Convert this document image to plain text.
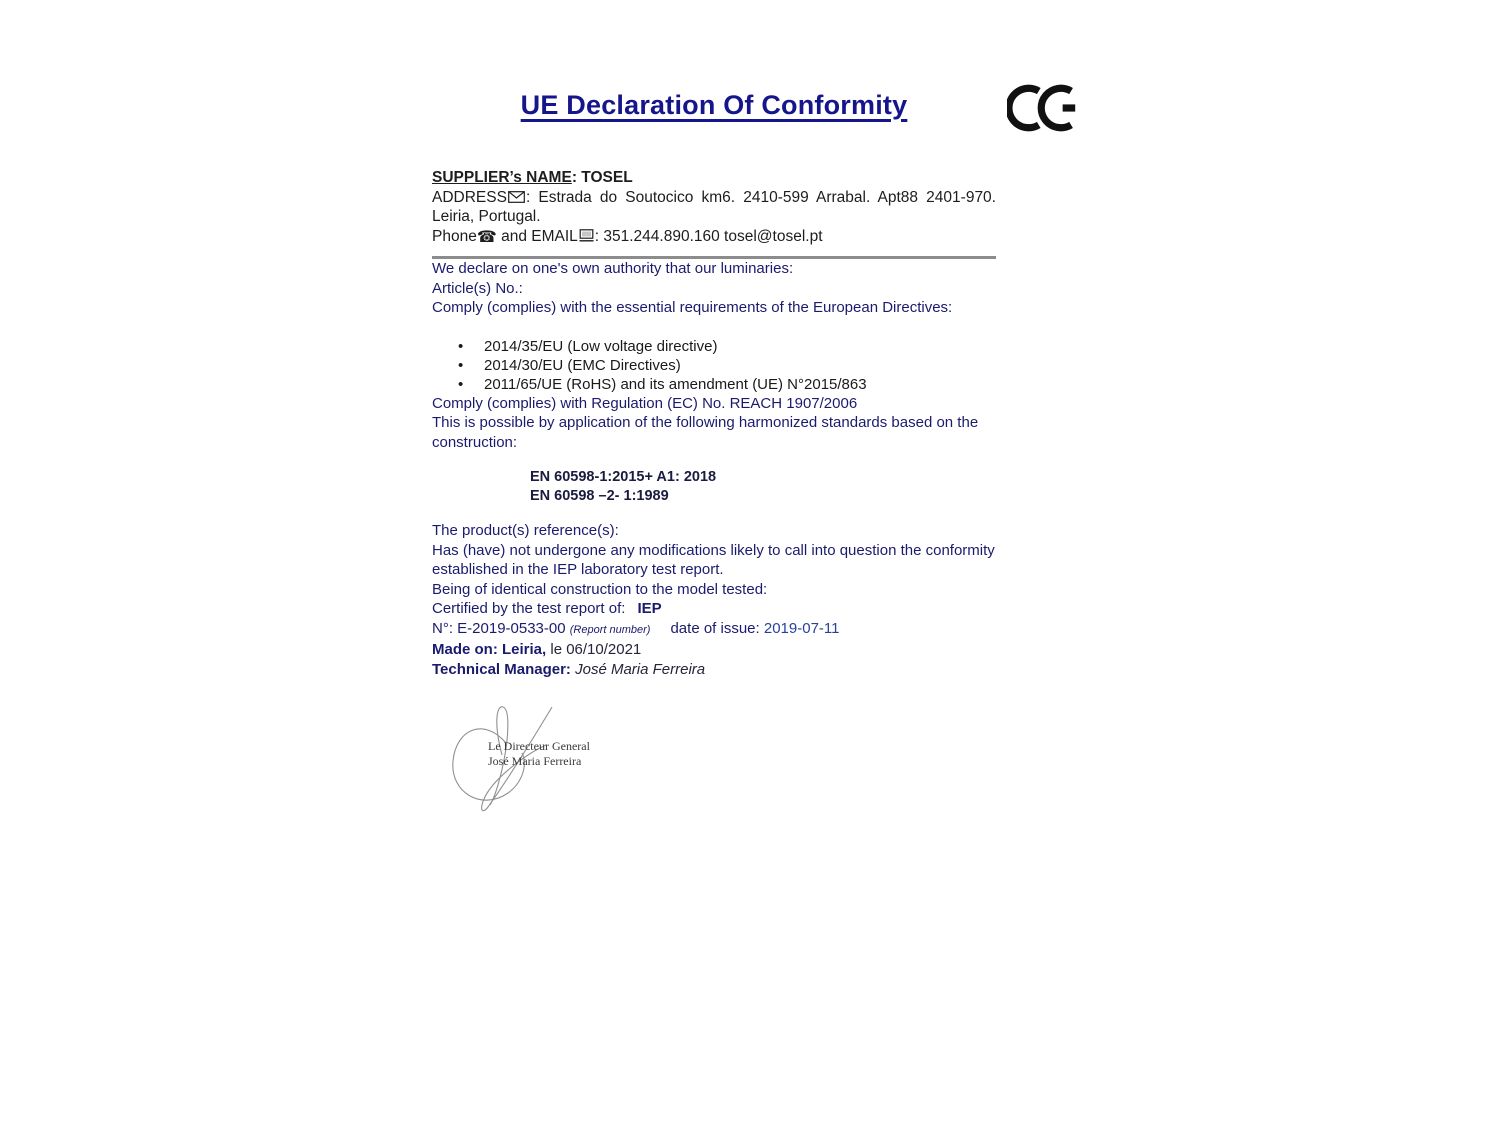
UE Declaration Of Conformity

SUPPLIER’s NAME: TOSEL

ADDRESS : Estrada do Soutocico km6. 2410-599 Arrabal. Apt88 2401-970. Leiria, Portugal.

Phone☎ and EMAIL : 351.244.890.160 tosel@tosel.pt

We declare on one's own authority that our luminaries:

Article(s) No.:

Comply (complies) with the essential requirements of the European Directives:

• 2014/35/EU (Low voltage directive)
• 2014/30/EU (EMC Directives)
• 2011/65/UE (RoHS) and its amendment (UE) N°2015/863

Comply (complies) with Regulation (EC) No. REACH 1907/2006

This is possible by application of the following harmonized standards based on the construction:

EN 60598-1:2015+ A1: 2018
EN 60598 –2- 1:1989

The product(s) reference(s):

Has (have) not undergone any modifications likely to call into question the conformity established in the IEP laboratory test report.

Being of identical construction to the model tested:

Certified by the test report of: IEP

N°: E-2019-0533-00 (Report number) date of issue: 2019-07-11

Made on: Leiria, le 06/10/2021

Technical Manager: José Maria Ferreira

Le Directeur General
José Maria Ferreira
